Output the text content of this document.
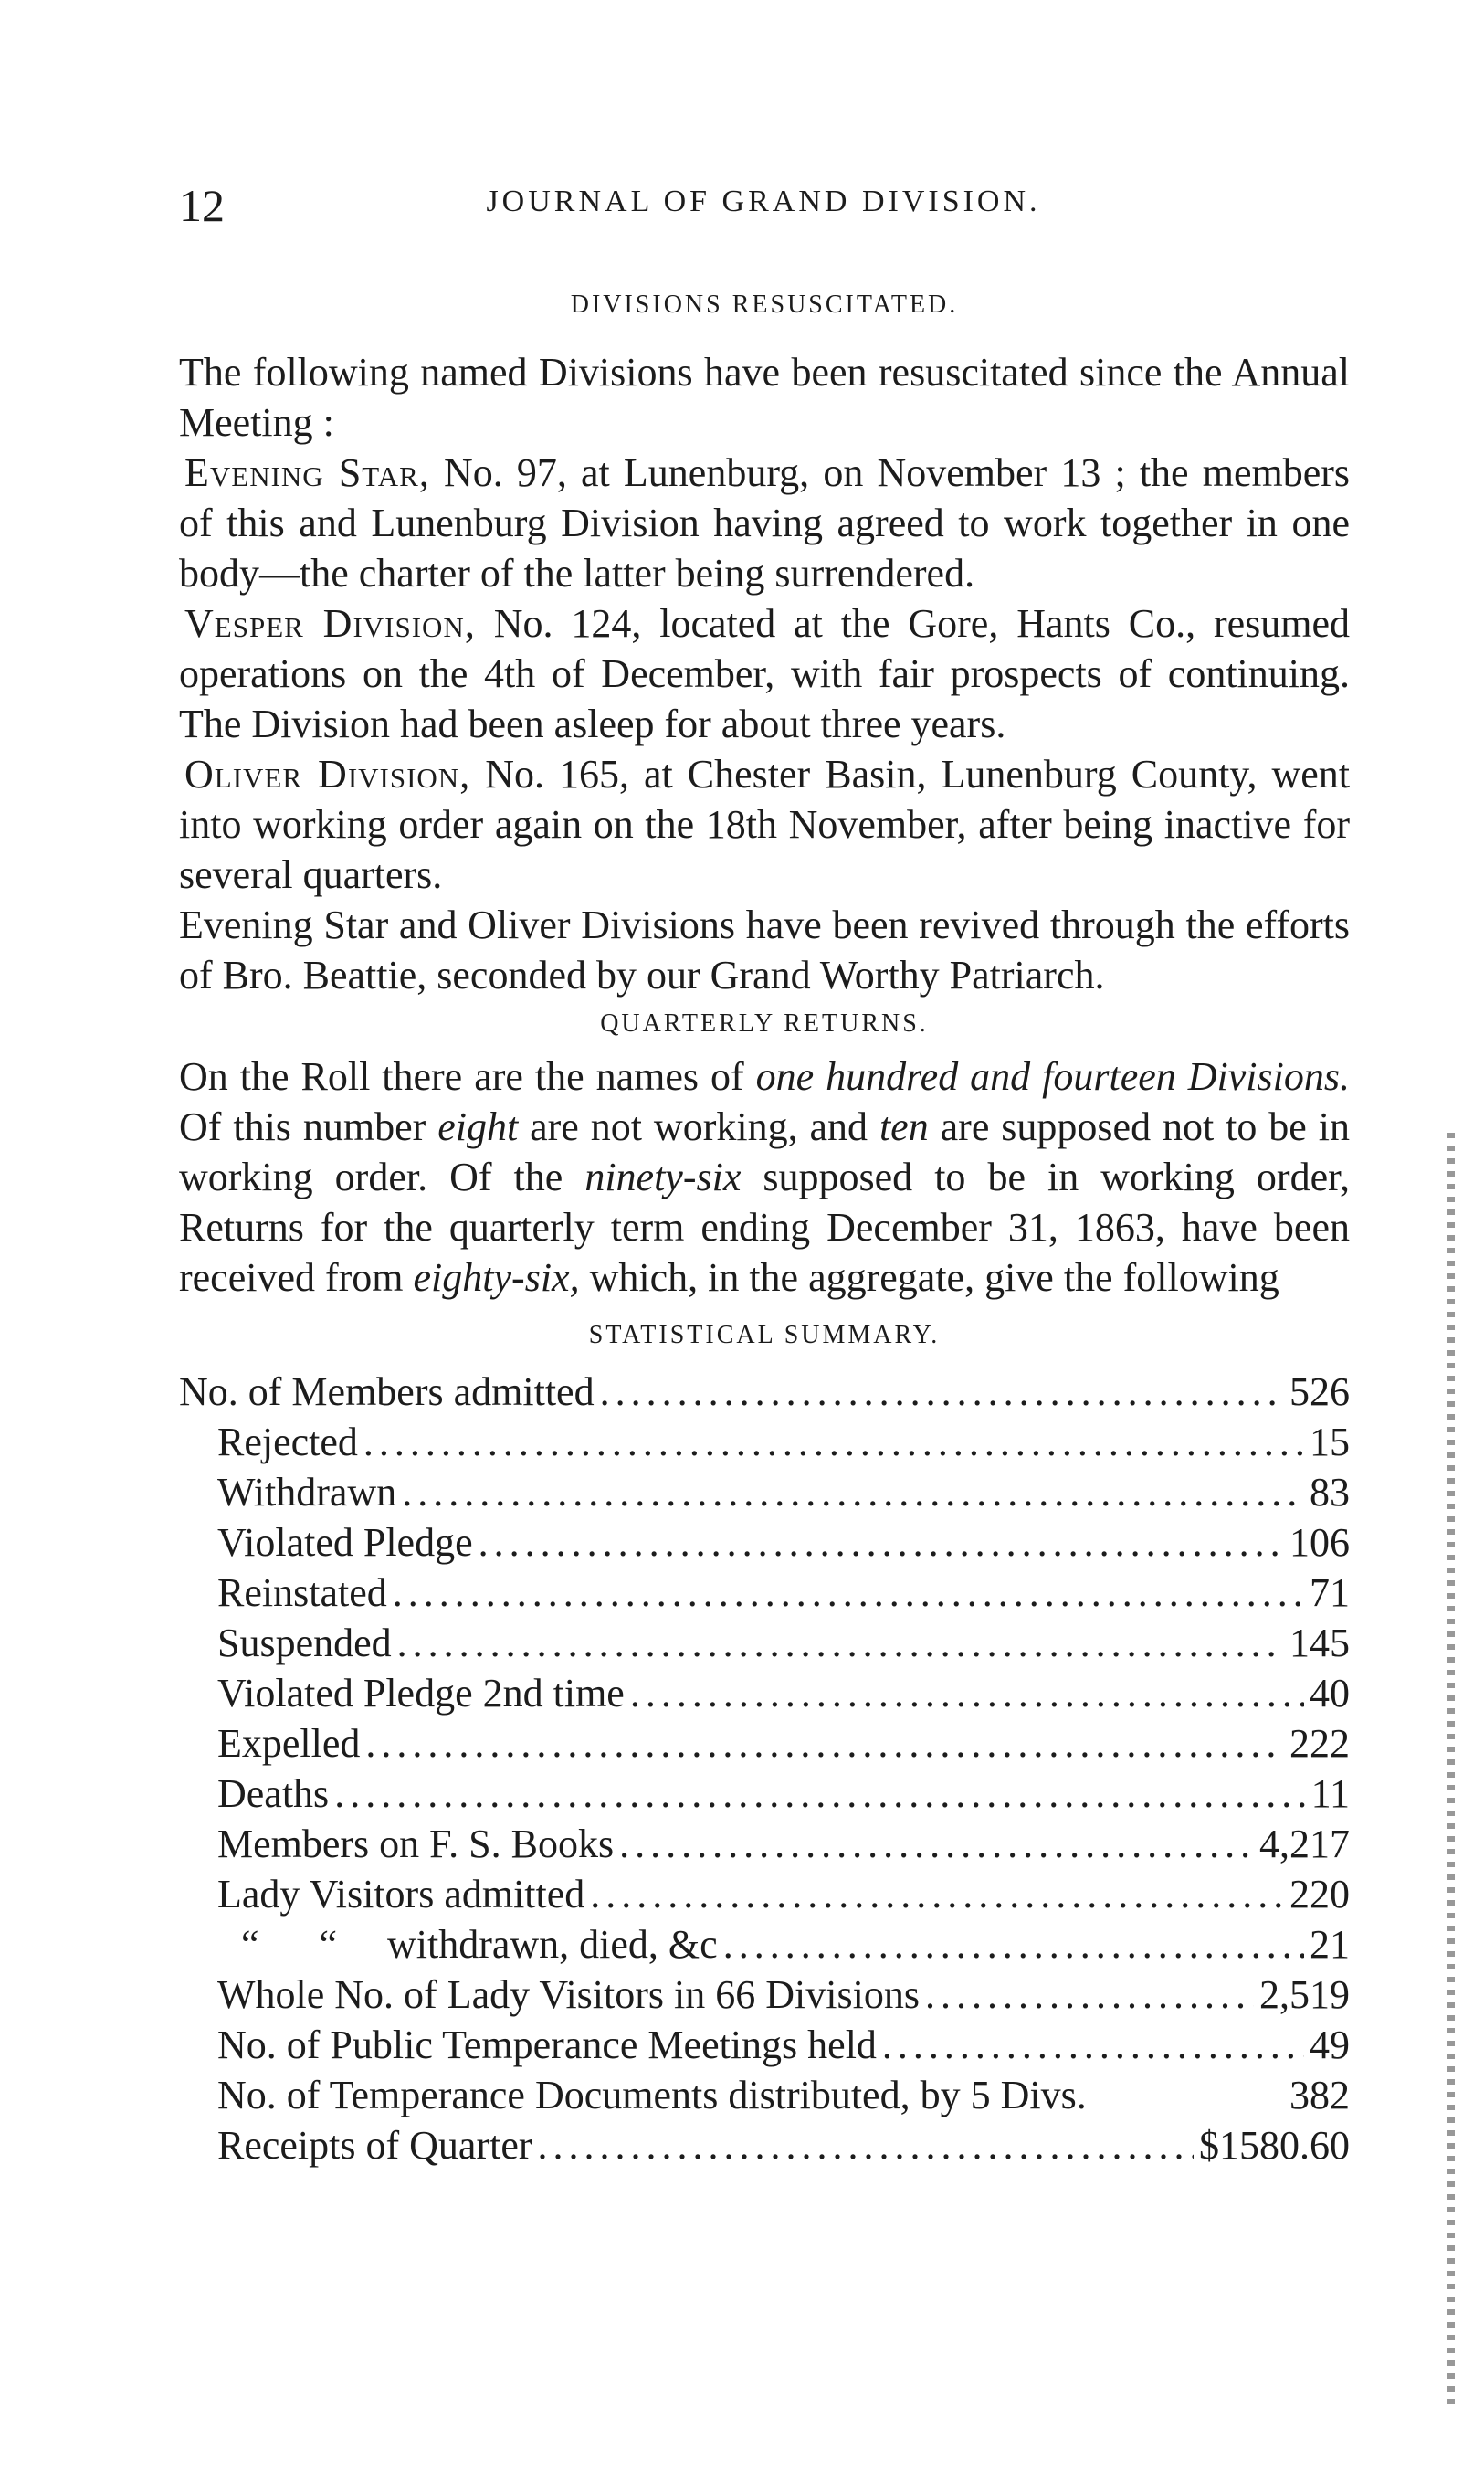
12	JOURNAL OF GRAND DIVISION.
DIVISIONS RESUSCITATED.

The following named Divisions have been resuscitated since the Annual Meeting :

Evening Star, No. 97, at Lunenburg, on November 13 ; the members of this and Lunenburg Division having agreed to work together in one body—the charter of the latter being surrendered.

Vesper Division, No. 124, located at the Gore, Hants Co., resumed operations on the 4th of December, with fair prospects of continuing. The Division had been asleep for about three years.

Oliver Division, No. 165, at Chester Basin, Lunenburg County, went into working order again on the 18th November, after being inactive for several quarters.

Evening Star and Oliver Divisions have been revived through the efforts of Bro. Beattie, seconded by our Grand Worthy Patriarch.

QUARTERLY RETURNS.

On the Roll there are the names of one hundred and fourteen Divisions. Of this number eight are not working, and ten are supposed not to be in working order. Of the ninety-six supposed to be in working order, Returns for the quarterly term ending December 31, 1863, have been received from eighty-six, which, in the aggregate, give the following

STATISTICAL SUMMARY.
No. of Members admitted .....	526
Rejected .....	15
Withdrawn .....	83
Violated Pledge .....	106
Reinstated .....	71
Suspended .....	145
Violated Pledge 2nd time .....	40
Expelled .....	222
Deaths .....	11
Members on F. S. Books .....	4,217
Lady Visitors admitted .....	220
“      “ withdrawn, died, &c .....	21
Whole No. of Lady Visitors in 66 Divisions .....	2,519
No. of Public Temperance Meetings held .....	49
No. of Temperance Documents distributed, by 5 Divs.	382
Receipts of Quarter .....	$1580.60
